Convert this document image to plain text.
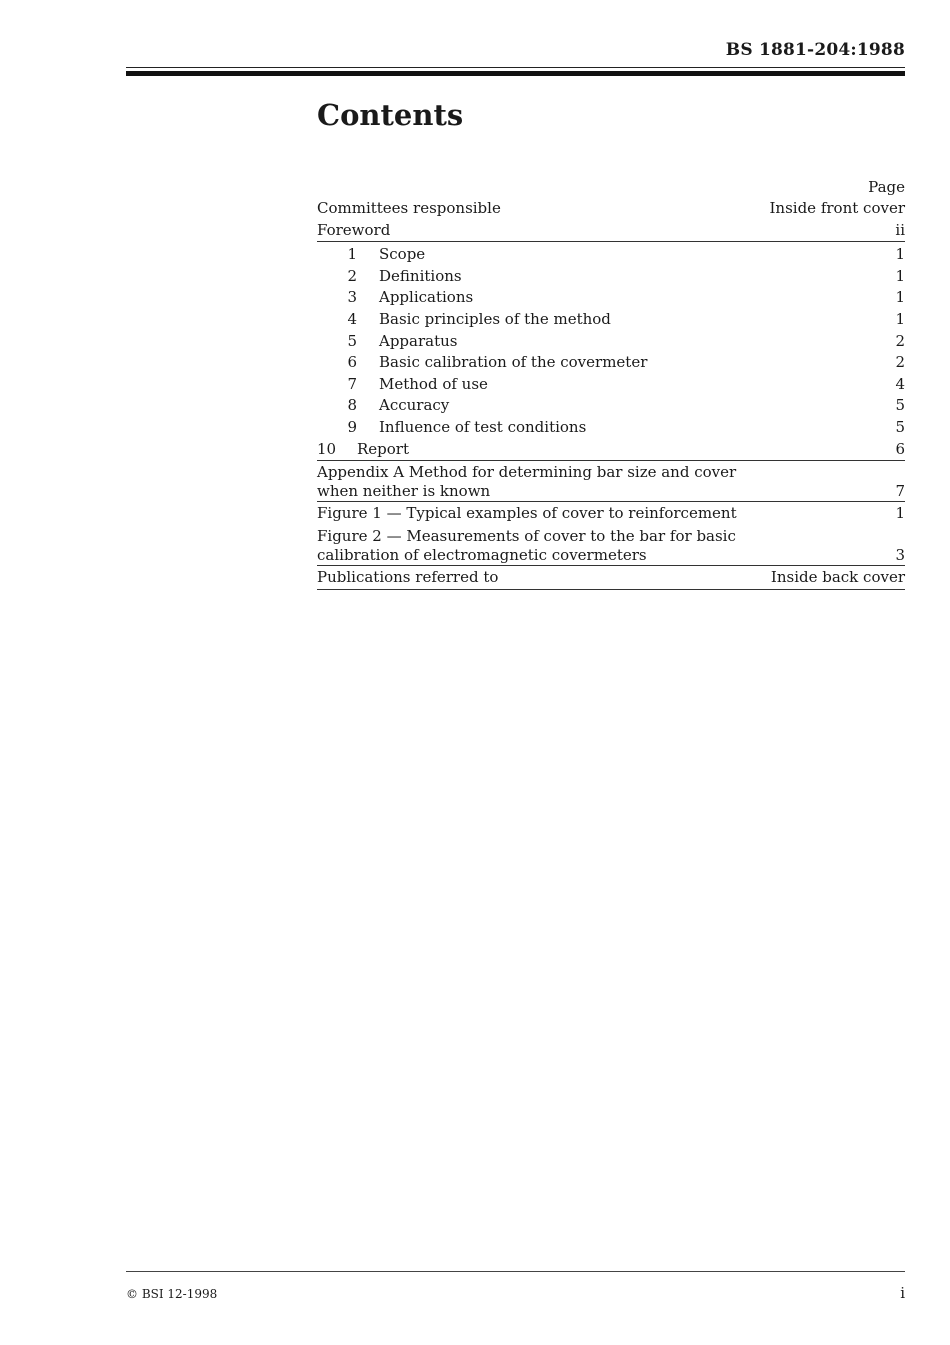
BS 1881-204:1988
Contents
Page
Committees responsible	Inside front cover
Foreword	ii
1	Scope	1
2	Definitions	1
3	Applications	1
4	Basic principles of the method	1
5	Apparatus	2
6	Basic calibration of the covermeter	2
7	Method of use	4
8	Accuracy	5
9	Influence of test conditions	5
10	Report	6
Appendix A Method for determining bar size and cover
when neither is known	7
Figure 1 — Typical examples of cover to reinforcement	1
Figure 2 — Measurements of cover to the bar for basic
calibration of electromagnetic covermeters	3
Publications referred to	Inside back cover
© BSI 12-1998	i
